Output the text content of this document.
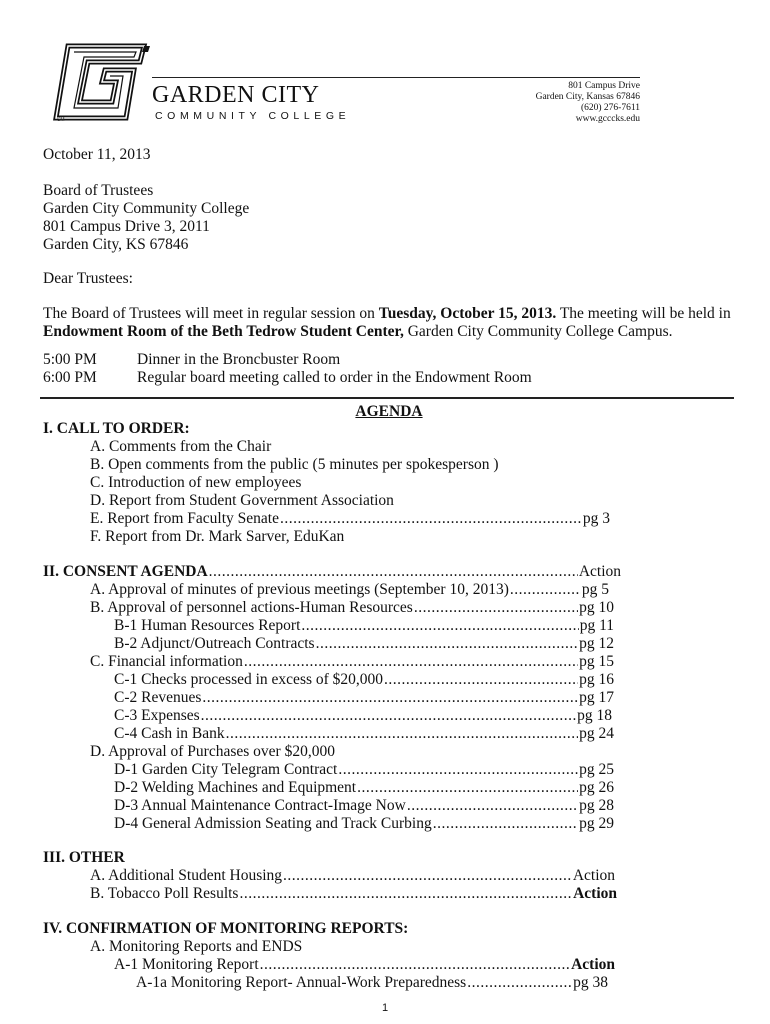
GARDEN CITY
COMMUNITY COLLEGE
SM
801 Campus Drive
Garden City, Kansas 67846
(620) 276-7611
www.gcccks.edu
October 11, 2013
Board of Trustees
Garden City Community College
801 Campus Drive 3, 2011
Garden City, KS 67846
Dear Trustees:
The Board of Trustees will meet in regular session on Tuesday, October 15, 2013. The meeting will be held in
Endowment Room of the Beth Tedrow Student Center, Garden City Community College Campus.
5:00 PM	Dinner in the Broncbuster Room
6:00 PM	Regular board meeting called to order in the Endowment Room
AGENDA
I. CALL TO ORDER:
A. Comments from the Chair
B. Open comments from the public (5 minutes per spokesperson )
C. Introduction of new employees
D. Report from Student Government Association
E. Report from Faculty Senate .....	pg 3
F. Report from Dr. Mark Sarver, EduKan
II. CONSENT AGENDA .....	Action
A. Approval of minutes of previous meetings (September 10, 2013) .....	pg 5
B. Approval of personnel actions-Human Resources .....	pg 10
B-1 Human Resources Report .....	pg 11
B-2 Adjunct/Outreach Contracts .....	pg 12
C. Financial information .....	pg 15
C-1 Checks processed in excess of $20,000 .....	pg 16
C-2 Revenues .....	pg 17
C-3 Expenses .....	pg 18
C-4 Cash in Bank .....	pg 24
D. Approval of Purchases over $20,000
D-1 Garden City Telegram Contract .....	pg 25
D-2 Welding Machines and Equipment .....	pg 26
D-3 Annual Maintenance Contract-Image Now .....	pg 28
D-4 General Admission Seating and Track Curbing .....	pg 29
III. OTHER
A. Additional Student Housing .....	Action
B. Tobacco Poll Results .....	Action
IV. CONFIRMATION OF MONITORING REPORTS:
A. Monitoring Reports and ENDS
A-1 Monitoring Report .....	Action
A-1a Monitoring Report- Annual-Work Preparedness .....	pg 38
1
